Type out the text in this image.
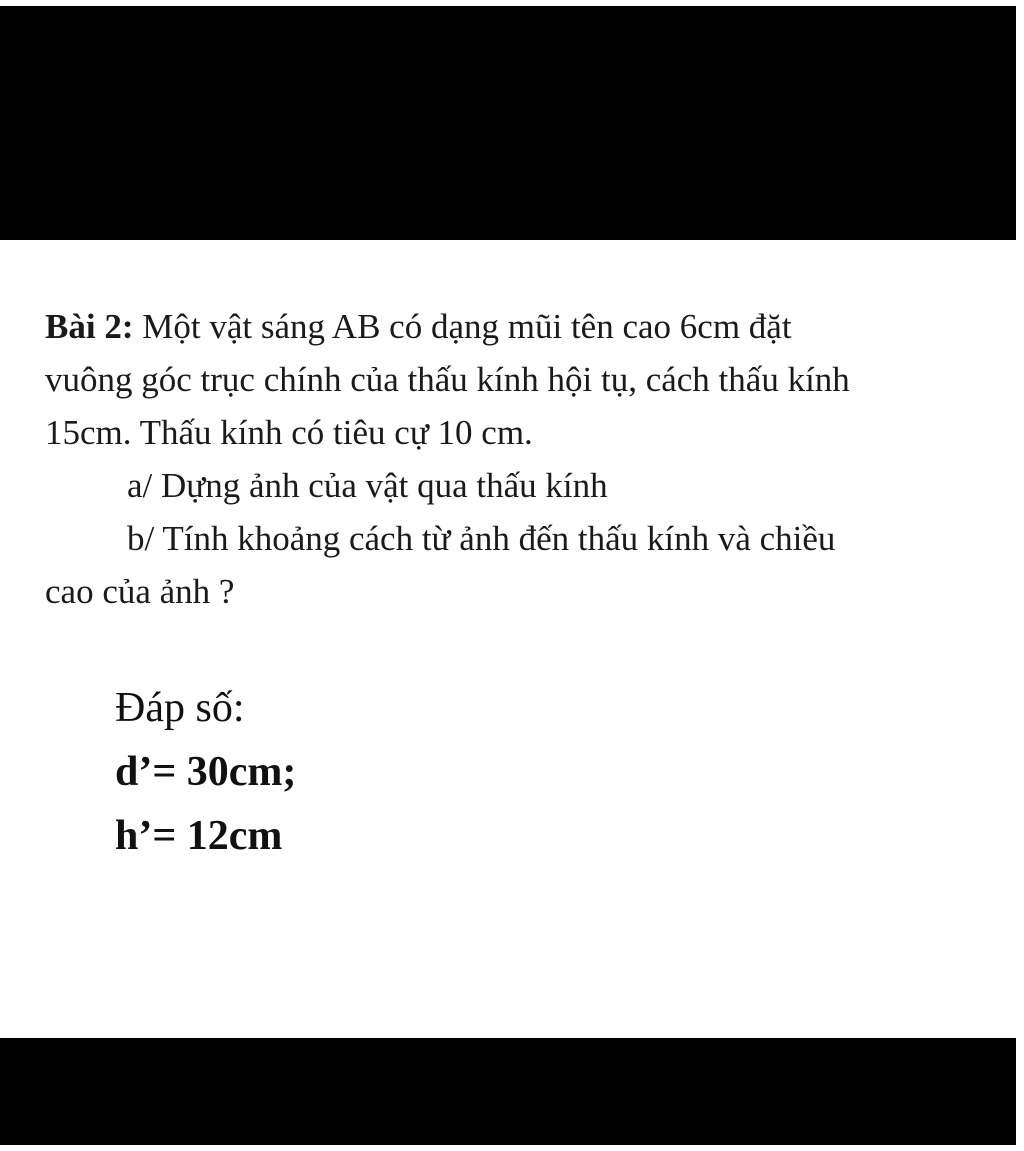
Bài 2: Một vật sáng AB có dạng mũi tên cao 6cm đặt

vuông góc trục chính của thấu kính hội tụ, cách thấu kính

15cm. Thấu kính có tiêu cự 10 cm.

a/ Dựng ảnh của vật qua thấu kính

b/ Tính khoảng cách từ ảnh đến thấu kính và chiều

cao của ảnh ?

Đáp số:

d’= 30cm;

h’= 12cm
